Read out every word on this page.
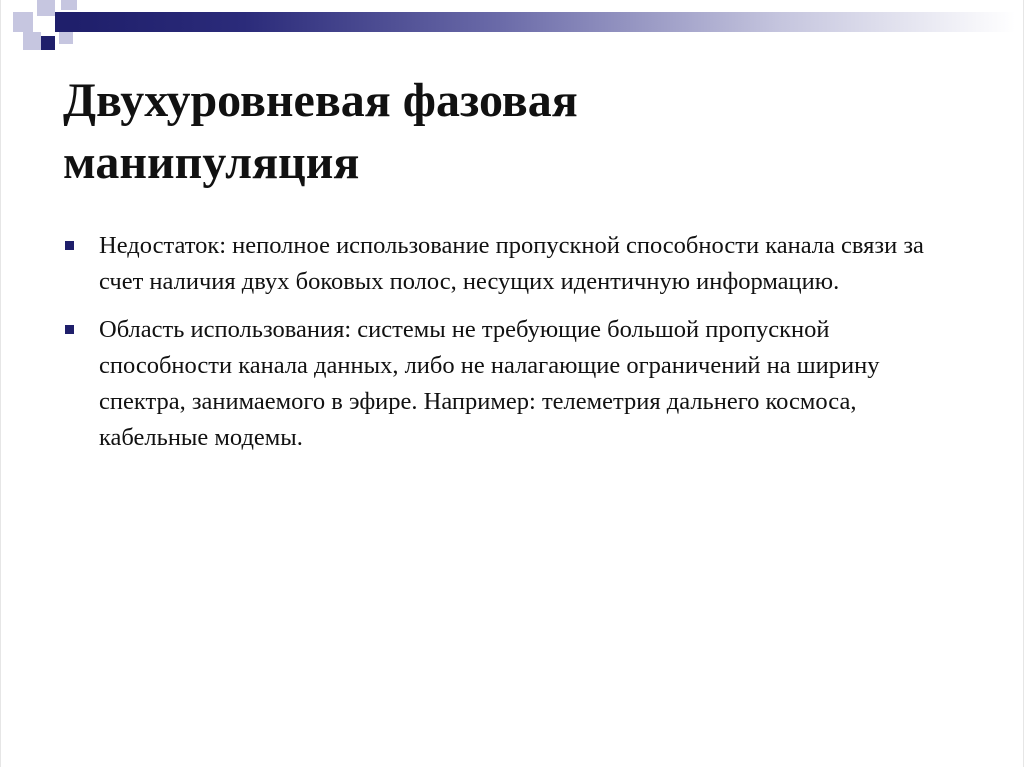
Двухуровневая фазовая
манипуляция
Недостаток: неполное использование пропускной способности канала связи за счет наличия двух боковых полос, несущих идентичную информацию.
Область использования: системы не требующие большой пропускной способности канала данных, либо не налагающие ограничений на ширину спектра, занимаемого в эфире. Например: телеметрия дальнего космоса, кабельные модемы.
